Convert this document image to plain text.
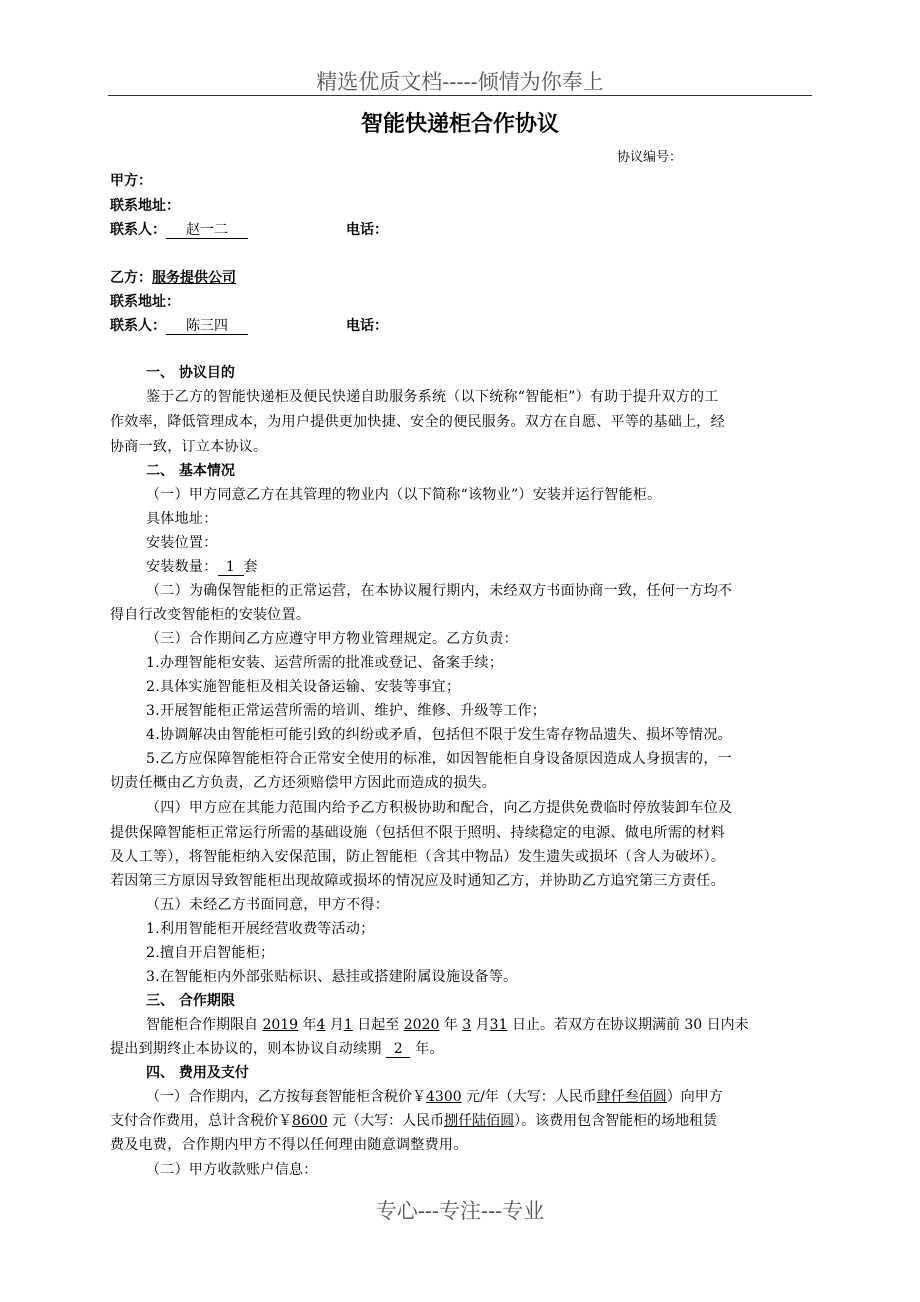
精选优质文档-----倾情为你奉上
智能快递柜合作协议
协议编号：
甲方：
联系地址：
联系人： 赵一二	电话：
乙方：服务提供公司
联系地址：
联系人： 陈三四	电话：
一、 协议目的
鉴于乙方的智能快递柜及便民快递自助服务系统（以下统称“智能柜”）有助于提升双方的工
作效率，降低管理成本，为用户提供更加快捷、安全的便民服务。双方在自愿、平等的基础上，经
协商一致，订立本协议。
二、 基本情况
（一）甲方同意乙方在其管理的物业内（以下简称“该物业”）安装并运行智能柜。
具体地址：
安装位置：
安装数量： 1 套
（二）为确保智能柜的正常运营，在本协议履行期内，未经双方书面协商一致，任何一方均不
得自行改变智能柜的安装位置。
（三）合作期间乙方应遵守甲方物业管理规定。乙方负责：
1.办理智能柜安装、运营所需的批准或登记、备案手续；
2.具体实施智能柜及相关设备运输、安装等事宜；
3.开展智能柜正常运营所需的培训、维护、维修、升级等工作；
4.协调解决由智能柜可能引致的纠纷或矛盾，包括但不限于发生寄存物品遗失、损坏等情况。
5.乙方应保障智能柜符合正常安全使用的标准，如因智能柜自身设备原因造成人身损害的，一
切责任概由乙方负责，乙方还须赔偿甲方因此而造成的损失。
（四）甲方应在其能力范围内给予乙方积极协助和配合，向乙方提供免费临时停放装卸车位及
提供保障智能柜正常运行所需的基础设施（包括但不限于照明、持续稳定的电源、做电所需的材料
及人工等），将智能柜纳入安保范围，防止智能柜（含其中物品）发生遗失或损坏（含人为破坏）。
若因第三方原因导致智能柜出现故障或损坏的情况应及时通知乙方，并协助乙方追究第三方责任。
（五）未经乙方书面同意，甲方不得：
1.利用智能柜开展经营收费等活动；
2.擅自开启智能柜；
3.在智能柜内外部张贴标识、悬挂或搭建附属设施设备等。
三、 合作期限
智能柜合作期限自 2019 年4 月1 日起至 2020 年 3 月31 日止。若双方在协议期满前 30 日内未
提出到期终止本协议的，则本协议自动续期 2 年。
四、 费用及支付
（一）合作期内，乙方按每套智能柜含税价￥4300 元/年（大写：人民币肆仟叁佰圆）向甲方
支付合作费用，总计含税价￥8600 元（大写：人民币捌仟陆佰圆）。该费用包含智能柜的场地租赁
费及电费，合作期内甲方不得以任何理由随意调整费用。
（二）甲方收款账户信息：
专心---专注---专业
